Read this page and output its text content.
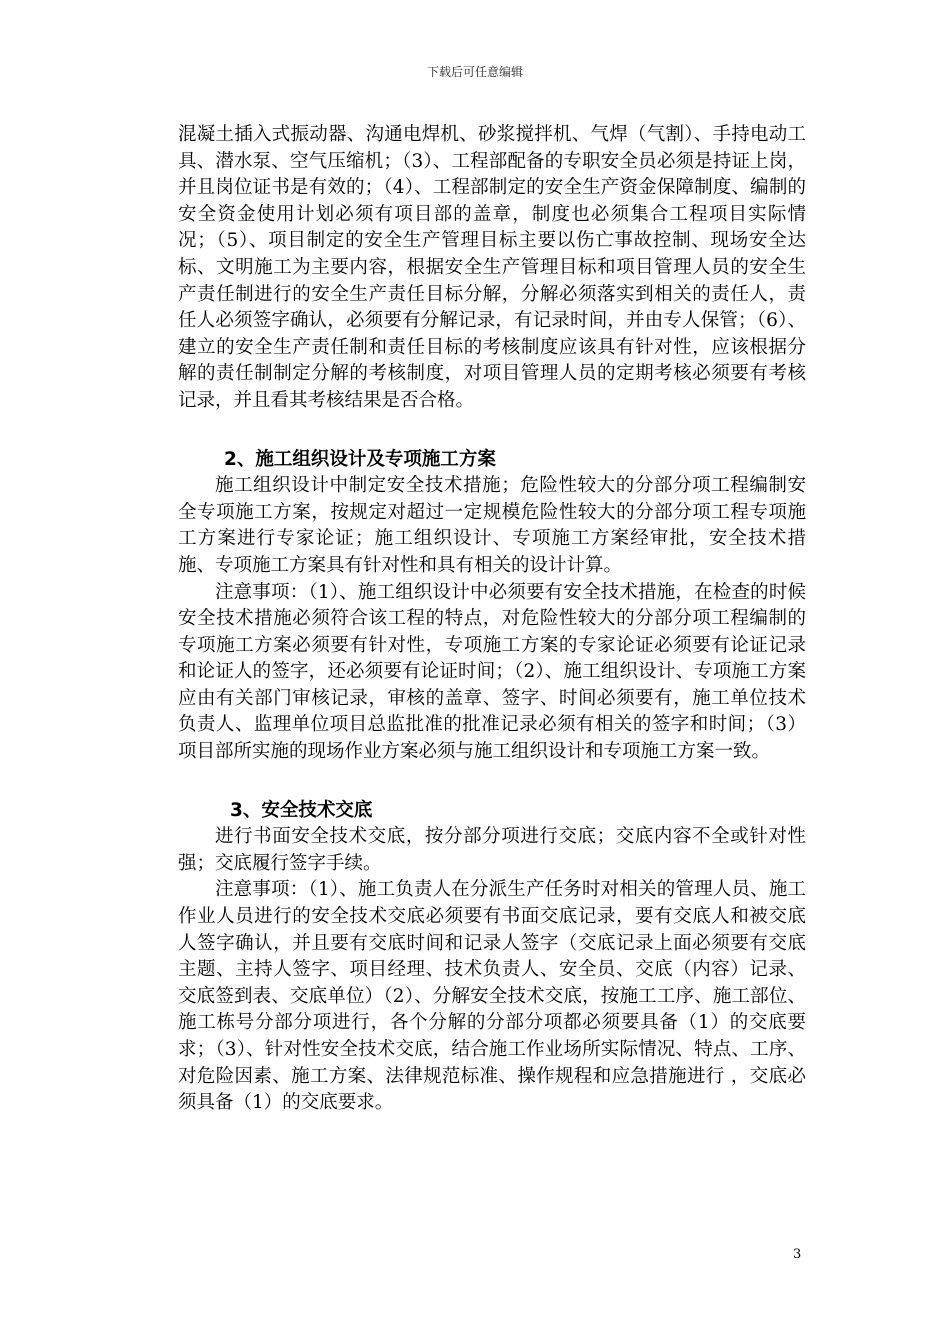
下载后可任意编辑

混凝土插入式振动器、沟通电焊机、砂浆搅拌机、气焊（气割）、手持电动工具、潜水泵、空气压缩机；（3）、工程部配备的专职安全员必须是持证上岗，并且岗位证书是有效的；（4）、工程部制定的安全生产资金保障制度、编制的安全资金使用计划必须有项目部的盖章，制度也必须集合工程项目实际情况；（5）、项目制定的安全生产管理目标主要以伤亡事故控制、现场安全达标、文明施工为主要内容，根据安全生产管理目标和项目管理人员的安全生产责任制进行的安全生产责任目标分解，分解必须落实到相关的责任人，责任人必须签字确认，必须要有分解记录，有记录时间，并由专人保管；（6）、建立的安全生产责任制和责任目标的考核制度应该具有针对性，应该根据分解的责任制制定分解的考核制度，对项目管理人员的定期考核必须要有考核记录，并且看其考核结果是否合格。

2、施工组织设计及专项施工方案

施工组织设计中制定安全技术措施；危险性较大的分部分项工程编制安全专项施工方案，按规定对超过一定规模危险性较大的分部分项工程专项施工方案进行专家论证；施工组织设计、专项施工方案经审批，安全技术措施、专项施工方案具有针对性和具有相关的设计计算。

注意事项：（1）、施工组织设计中必须要有安全技术措施，在检查的时候安全技术措施必须符合该工程的特点，对危险性较大的分部分项工程编制的专项施工方案必须要有针对性，专项施工方案的专家论证必须要有论证记录和论证人的签字，还必须要有论证时间；（2）、施工组织设计、专项施工方案应由有关部门审核记录，审核的盖章、签字、时间必须要有，施工单位技术负责人、监理单位项目总监批准的批准记录必须有相关的签字和时间；（3）项目部所实施的现场作业方案必须与施工组织设计和专项施工方案一致。

3、安全技术交底

进行书面安全技术交底，按分部分项进行交底；交底内容不全或针对性强；交底履行签字手续。

注意事项：（1）、施工负责人在分派生产任务时对相关的管理人员、施工作业人员进行的安全技术交底必须要有书面交底记录，要有交底人和被交底人签字确认，并且要有交底时间和记录人签字（交底记录上面必须要有交底主题、主持人签字、项目经理、技术负责人、安全员、交底（内容）记录、交底签到表、交底单位）（2）、分解安全技术交底，按施工工序、施工部位、施工栋号分部分项进行，各个分解的分部分项都必须要具备（1）的交底要求；（3）、针对性安全技术交底，结合施工作业场所实际情况、特点、工序、对危险因素、施工方案、法律规范标准、操作规程和应急措施进行 ，交底必须具备（1）的交底要求。

3
